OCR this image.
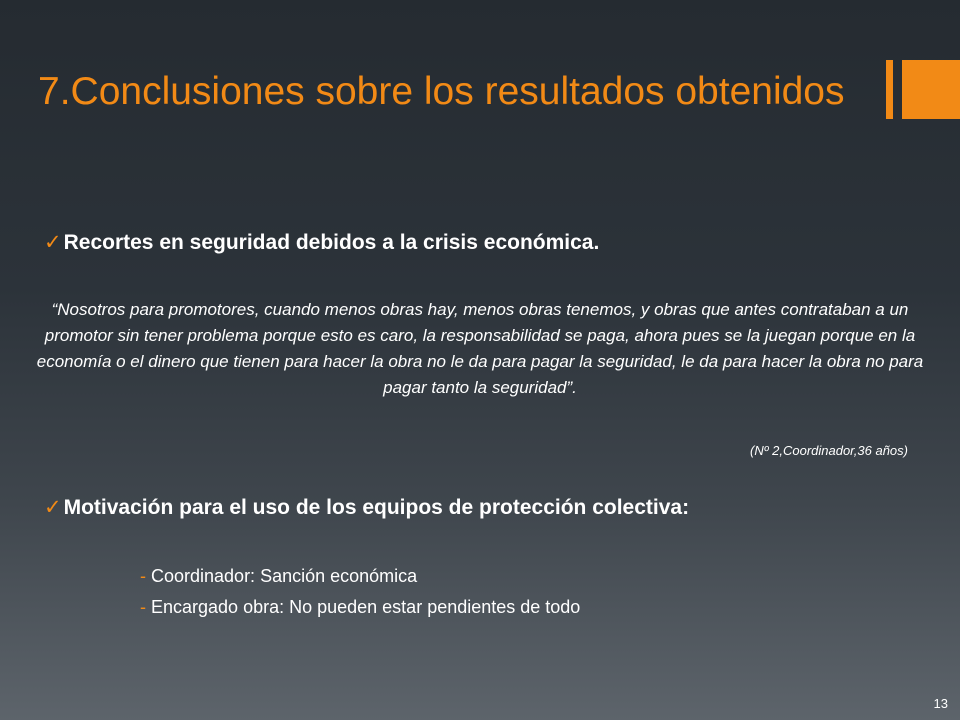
7.Conclusiones sobre los resultados obtenidos
✓Recortes en seguridad debidos a la crisis económica.
“Nosotros para promotores, cuando menos obras hay, menos obras tenemos, y obras que antes contrataban a un promotor sin tener problema porque esto es caro, la responsabilidad se paga, ahora pues se la juegan porque en la economía o el dinero que tienen para hacer la obra no le da para pagar la seguridad, le da para hacer la obra no para pagar tanto la seguridad”.
(Nº 2,Coordinador,36 años)
✓Motivación para el uso de los equipos de protección colectiva:
- Coordinador: Sanción económica
- Encargado obra: No pueden estar pendientes de todo
13
